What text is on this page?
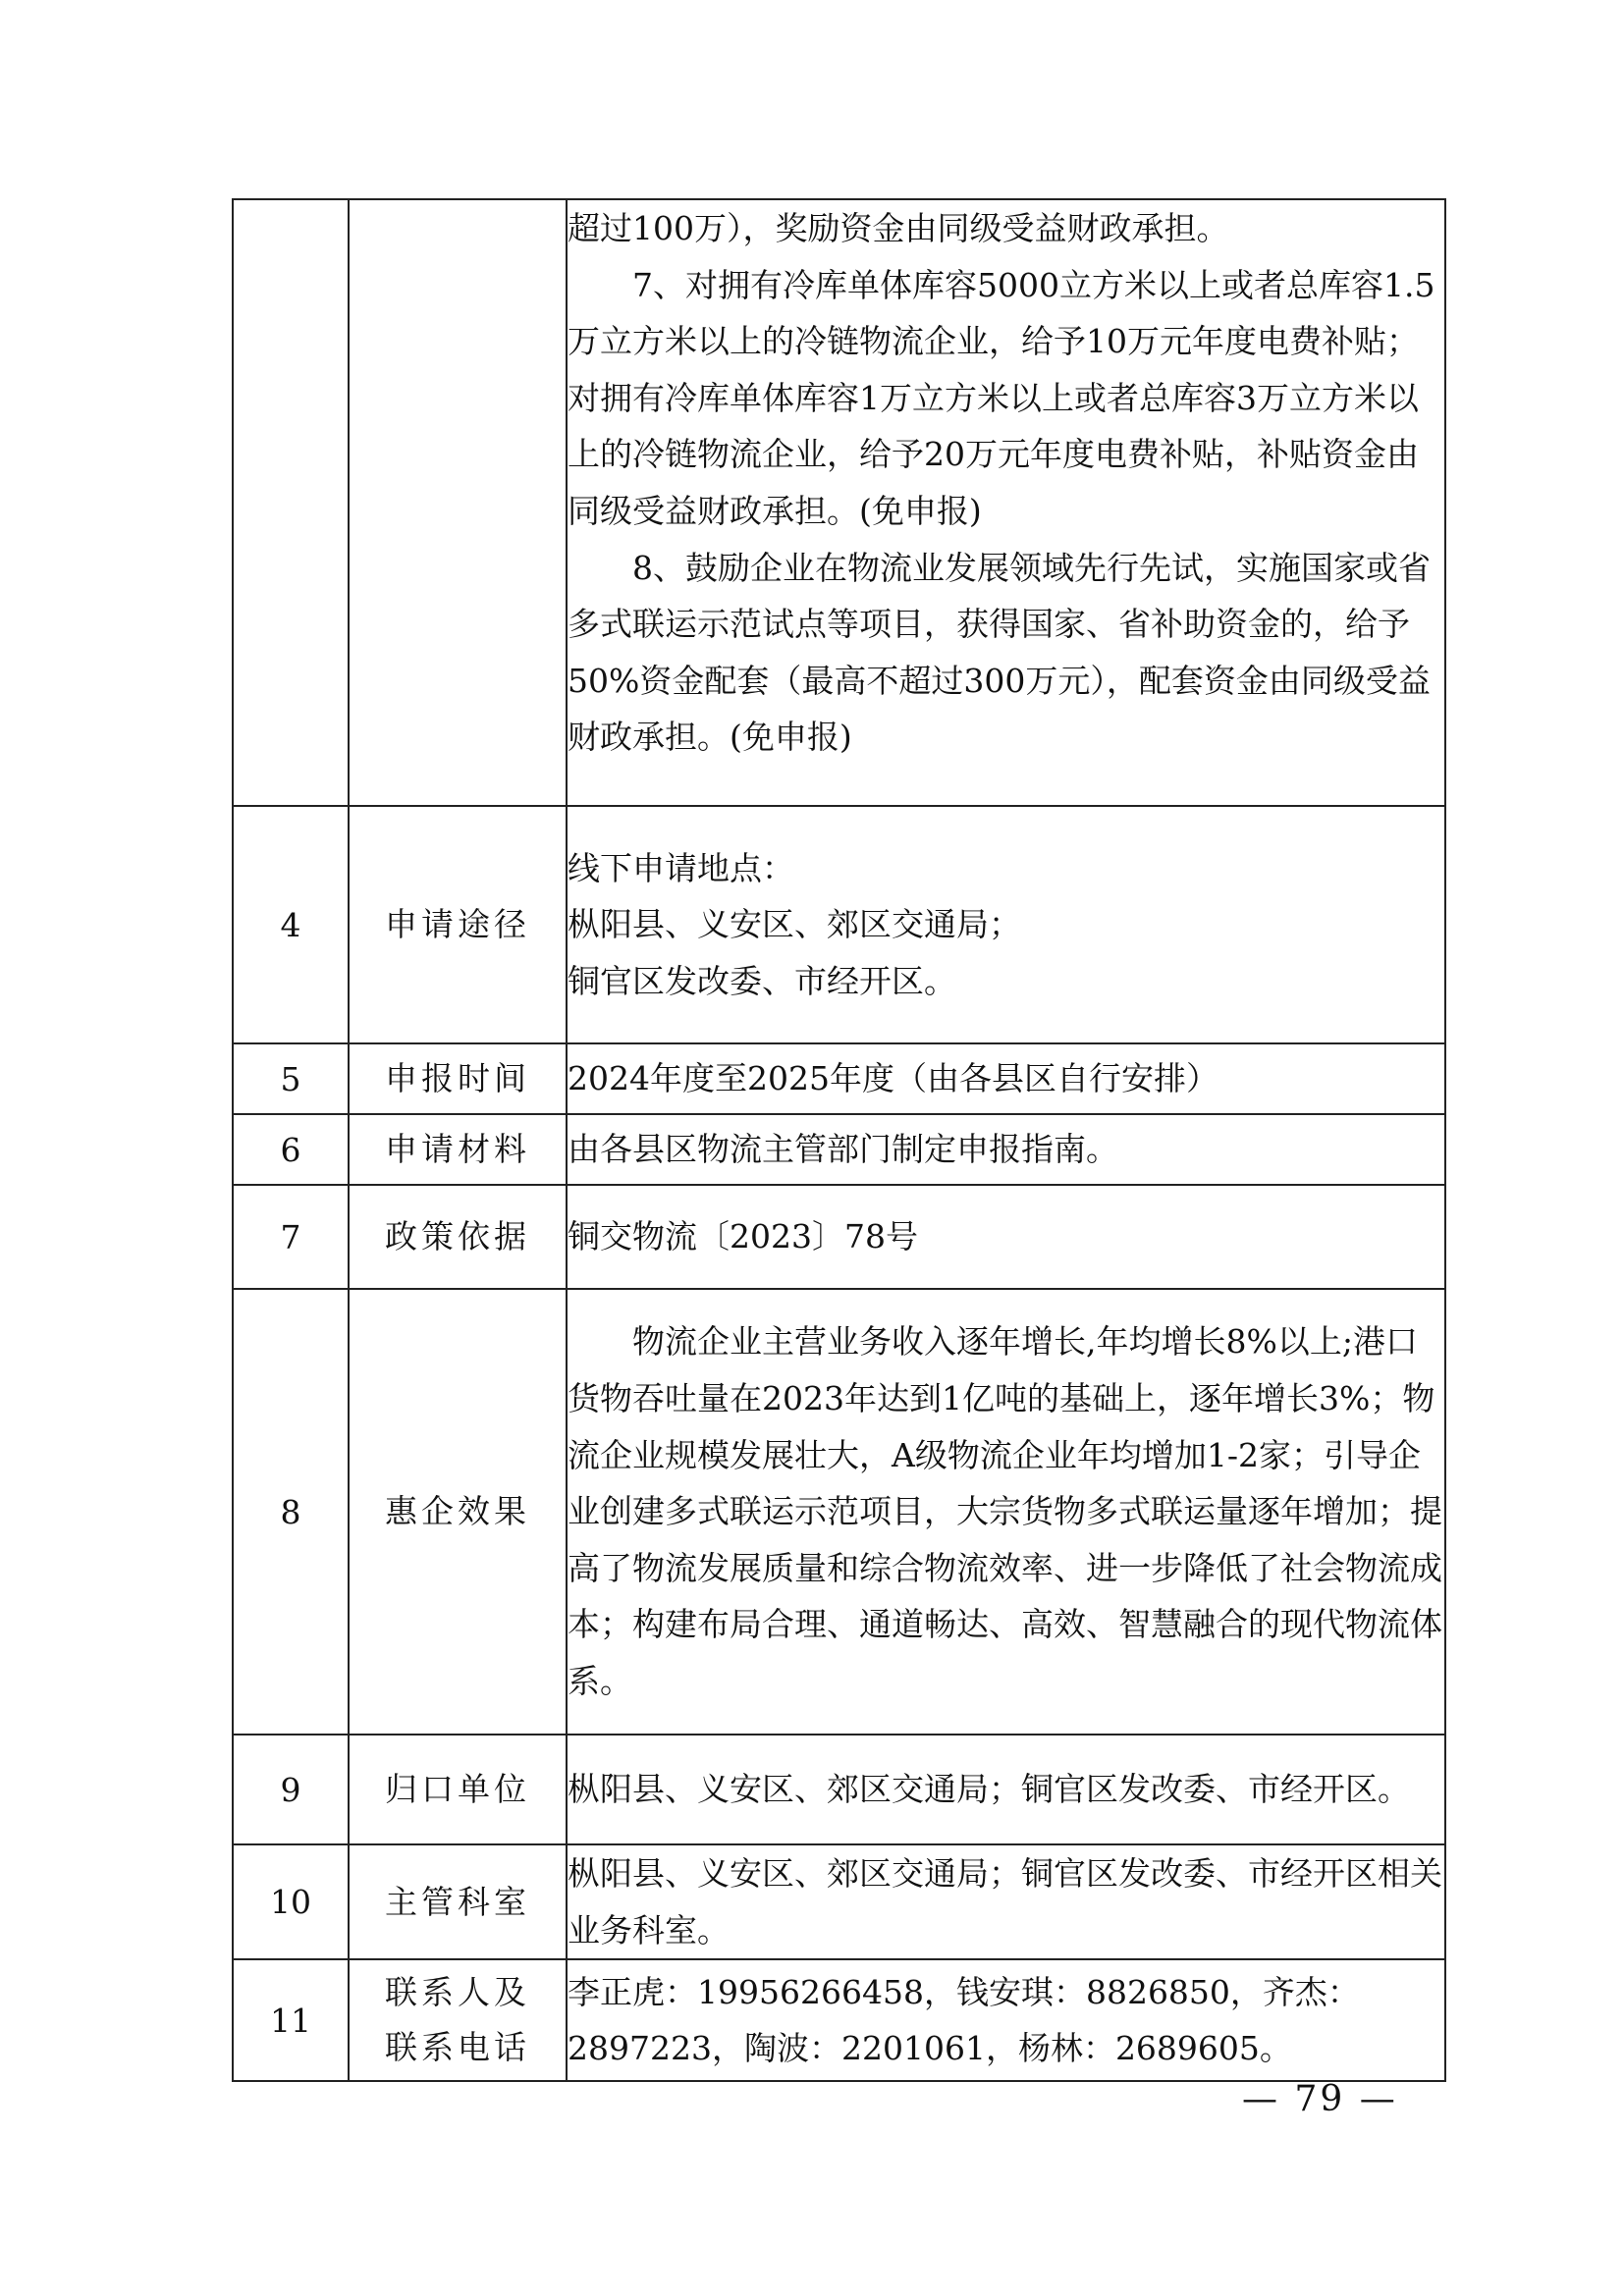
		超过100万），奖励资金由同级受益财政承担。

7、对拥有冷库单体库容5000立方米以上或者总库容1.5万立方米以上的冷链物流企业，给予10万元年度电费补贴；对拥有冷库单体库容1万立方米以上或者总库容3万立方米以上的冷链物流企业，给予20万元年度电费补贴，补贴资金由同级受益财政承担。(免申报)

8、鼓励企业在物流业发展领域先行先试，实施国家或省多式联运示范试点等项目，获得国家、省补助资金的，给予50%资金配套（最高不超过300万元），配套资金由同级受益财政承担。(免申报)

4	申请途径	线下申请地点：
枞阳县、义安区、郊区交通局；
铜官区发改委、市经开区。

5	申报时间	2024年度至2025年度（由各县区自行安排）
6	申请材料	由各县区物流主管部门制定申报指南。
7	政策依据	铜交物流〔2023〕78号
8	惠企效果	物流企业主营业务收入逐年增长,年均增长8%以上;港口货物吞吐量在2023年达到1亿吨的基础上，逐年增长3%；物流企业规模发展壮大，A级物流企业年均增加1-2家；引导企业创建多式联运示范项目，大宗货物多式联运量逐年增加；提高了物流发展质量和综合物流效率、进一步降低了社会物流成本；构建布局合理、通道畅达、高效、智慧融合的现代物流体系。
9	归口单位	枞阳县、义安区、郊区交通局；铜官区发改委、市经开区。
10	主管科室	枞阳县、义安区、郊区交通局；铜官区发改委、市经开区相关业务科室。
11	联系人及
联系电话	李正虎：19956266458，钱安琪：8826850，齐杰：2897223，陶波：2201061，杨林：2689605。
— 79 —
